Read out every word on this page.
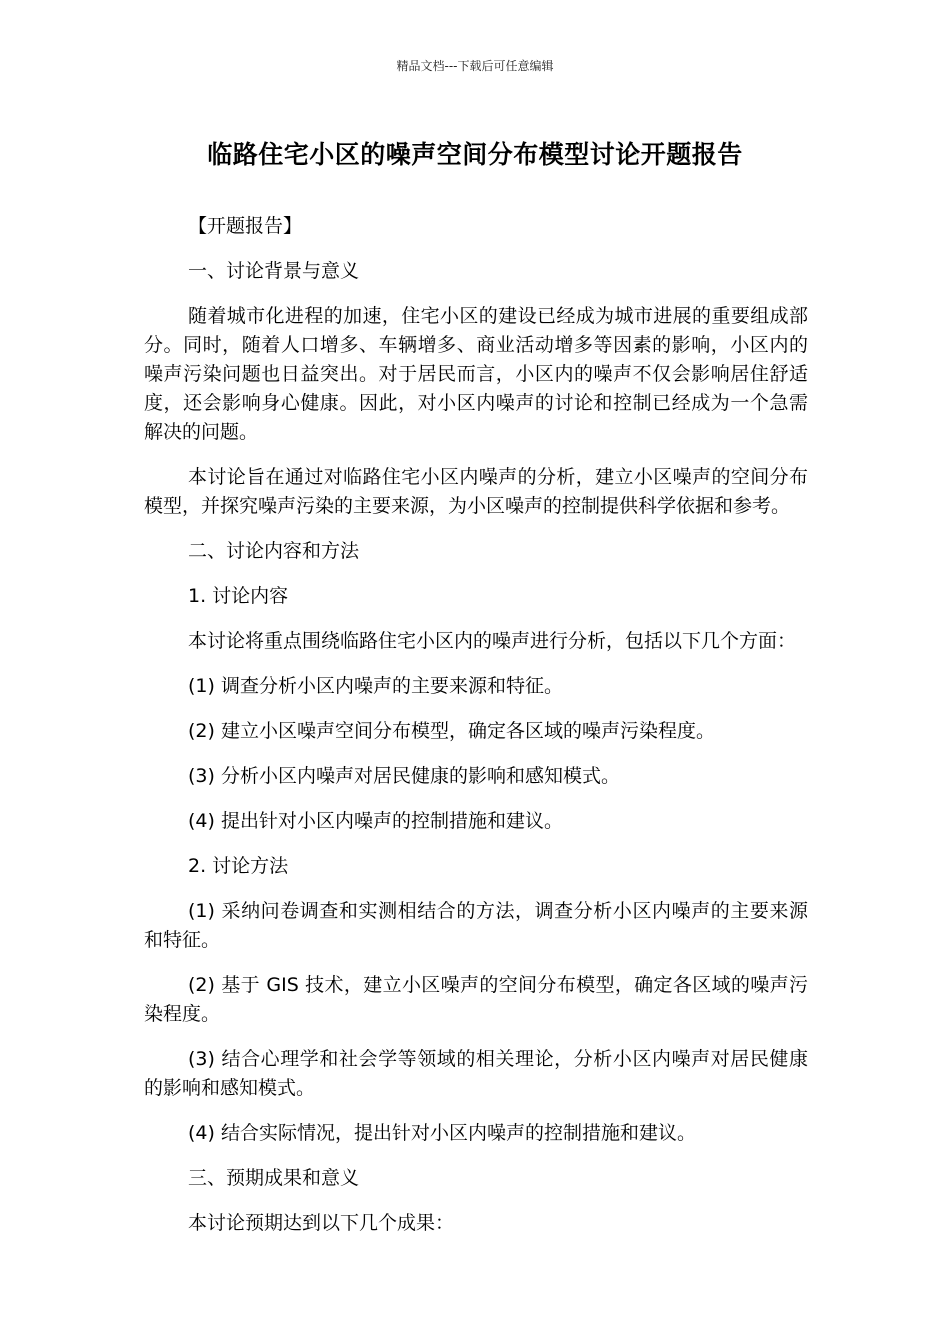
精品文档---下载后可任意编辑
临路住宅小区的噪声空间分布模型讨论开题报告

【开题报告】

一、讨论背景与意义

随着城市化进程的加速，住宅小区的建设已经成为城市进展的重要组成部分。同时，随着人口增多、车辆增多、商业活动增多等因素的影响，小区内的噪声污染问题也日益突出。对于居民而言，小区内的噪声不仅会影响居住舒适度，还会影响身心健康。因此，对小区内噪声的讨论和控制已经成为一个急需解决的问题。

本讨论旨在通过对临路住宅小区内噪声的分析，建立小区噪声的空间分布模型，并探究噪声污染的主要来源，为小区噪声的控制提供科学依据和参考。

二、讨论内容和方法

1. 讨论内容

本讨论将重点围绕临路住宅小区内的噪声进行分析，包括以下几个方面：

(1) 调查分析小区内噪声的主要来源和特征。

(2) 建立小区噪声空间分布模型，确定各区域的噪声污染程度。

(3) 分析小区内噪声对居民健康的影响和感知模式。

(4) 提出针对小区内噪声的控制措施和建议。

2. 讨论方法

(1) 采纳问卷调查和实测相结合的方法，调查分析小区内噪声的主要来源和特征。

(2) 基于 GIS 技术，建立小区噪声的空间分布模型，确定各区域的噪声污染程度。

(3) 结合心理学和社会学等领域的相关理论，分析小区内噪声对居民健康的影响和感知模式。

(4) 结合实际情况，提出针对小区内噪声的控制措施和建议。

三、预期成果和意义

本讨论预期达到以下几个成果：
